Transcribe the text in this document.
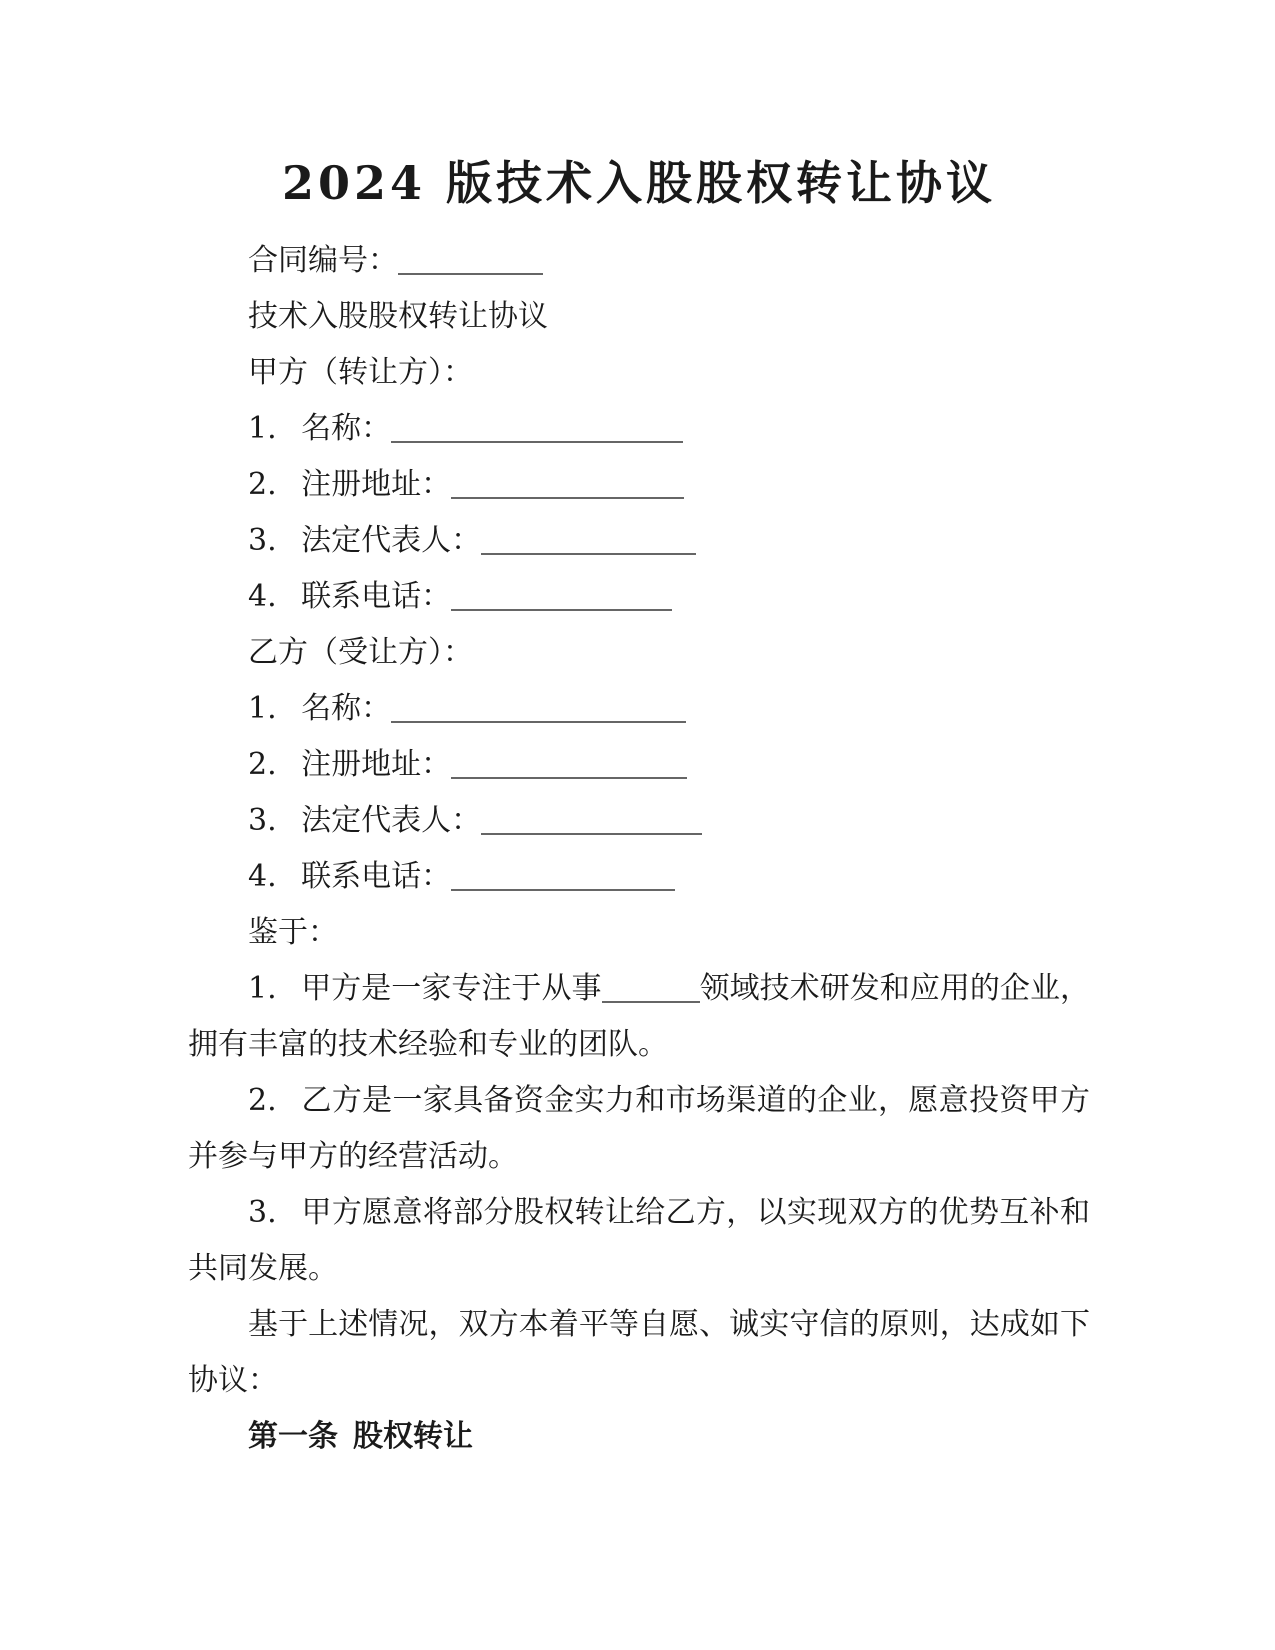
2024 版技术入股股权转让协议

合同编号：

技术入股股权转让协议

甲方（转让方）：

1.  名称：

2.  注册地址：

3.  法定代表人：

4.  联系电话：

乙方（受让方）：

1.  名称：

2.  注册地址：

3.  法定代表人：

4.  联系电话：

鉴于：

1.  甲方是一家专注于从事	领域技术研发和应用的企业，拥有丰富的技术经验和专业的团队。

2.  乙方是一家具备资金实力和市场渠道的企业，愿意投资甲方并参与甲方的经营活动。

3.  甲方愿意将部分股权转让给乙方，以实现双方的优势互补和共同发展。

基于上述情况，双方本着平等自愿、诚实守信的原则，达成如下协议：

第一条 股权转让
